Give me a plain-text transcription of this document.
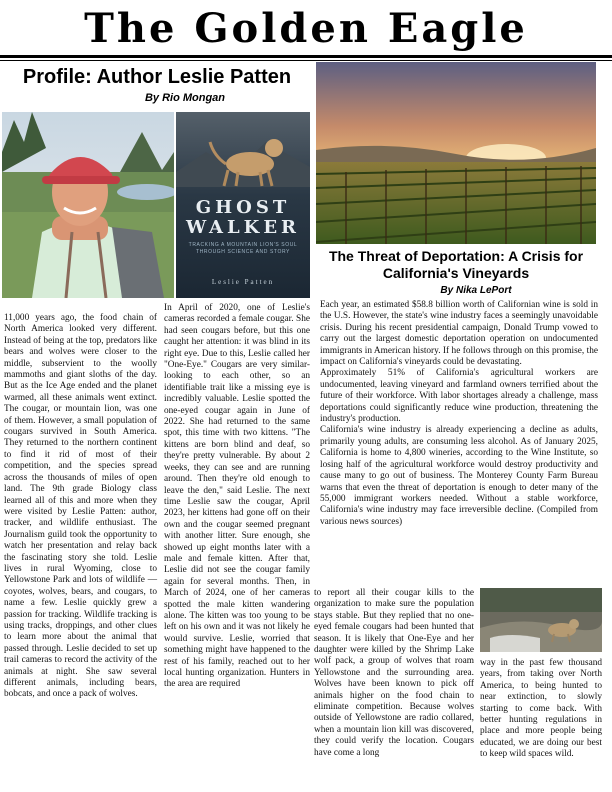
The Golden Eagle
Profile: Author Leslie Patten
By Rio Mongan
GHOST
WALKER
TRACKING A MOUNTAIN LION'S SOUL THROUGH SCIENCE AND STORY
Leslie Patten
The Threat of Deportation: A Crisis for
California's Vineyards
By Nika LePort
11,000 years ago, the food chain of North America looked very different. Instead of being at the top, predators like bears and wolves were closer to the middle, subservient to the woolly mammoths and giant sloths of the day. But as the Ice Age ended and the planet warmed, all these animals went extinct. The cougar, or mountain lion, was one of them. However, a small population of cougars survived in South America. They returned to the northern continent to find it rid of most of their competition, and the species spread across the thousands of miles of open land. The 9th grade Biology class learned all of this and more when they were visited by Leslie Patten: author, tracker, and wildlife enthusiast. The Journalism guild took the opportunity to watch her presentation and relay back the fascinating story she told. Leslie lives in rural Wyoming, close to Yellowstone Park and lots of wildlife — coyotes, wolves, bears, and cougars, to name a few. Leslie quickly grew a passion for tracking. Wildlife tracking is using tracks, droppings, and other clues to learn more about the animal that passed through. Leslie decided to set up trail cameras to record the activity of the animals at night. She saw several different animals, including bears, bobcats, and once a pack of wolves.
In April of 2020, one of Leslie's cameras recorded a female cougar. She had seen cougars before, but this one caught her attention: it was blind in its right eye. Due to this, Leslie called her "One-Eye." Cougars are very similar-looking to each other, so an identifiable trait like a missing eye is incredibly valuable. Leslie spotted the one-eyed cougar again in June of 2022. She had returned to the same spot, this time with two kittens. "The kittens are born blind and deaf, so they're pretty vulnerable. By about 2 weeks, they can see and are running around. Then they're old enough to leave the den," said Leslie. The next time Leslie saw the cougar, April 2023, her kittens had gone off on their own and the cougar seemed pregnant with another litter. Sure enough, she showed up eight months later with a male and female kitten. After that, Leslie did not see the cougar family again for several months. Then, in March of 2024, one of her cameras spotted the male kitten wandering alone. The kitten was too young to be left on his own and it was not likely he would survive. Leslie, worried that something might have happened to the rest of his family, reached out to her local hunting organization. Hunters in the area are required
Each year, an estimated $58.8 billion worth of Californian wine is sold in the U.S. However, the state's wine industry faces a seemingly unavoidable crisis. During his recent presidential campaign, Donald Trump vowed to carry out the largest domestic deportation operation on undocumented immigrants in American history. If he follows through on this promise, the impact on California's vineyards could be devastating.
Approximately 51% of California's agricultural workers are undocumented, leaving vineyard and farmland owners terrified about the future of their workforce. With labor shortages already a challenge, mass deportations could significantly reduce wine production, threatening the industry's production.
California's wine industry is already experiencing a decline as adults, primarily young adults, are consuming less alcohol. As of January 2025, California is home to 4,800 wineries, according to the Wine Institute, so losing half of the agricultural workforce would destroy productivity and cause many to go out of business. The Monterey County Farm Bureau warns that even the threat of deportation is enough to deter many of the 55,000 immigrant workers needed. Without a stable workforce, California's wine industry may face irreversible decline. (Compiled from various news sources)
to report all their cougar kills to the organization to make sure the population stays stable. But they replied that no one-eyed female cougars had been hunted that season. It is likely that One-Eye and her daughter were killed by the Shrimp Lake wolf pack, a group of wolves that roam Yellowstone and the surrounding area. Wolves have been known to pick off animals higher on the food chain to eliminate competition. Because wolves outside of Yellowstone are radio collared, when a mountain lion kill was discovered, they could verify the location. Cougars have come a long
way in the past few thousand years, from taking over North America, to being hunted to near extinction, to slowly starting to come back. With better hunting regulations in place and more people being educated, we are doing our best to keep wild spaces wild.
